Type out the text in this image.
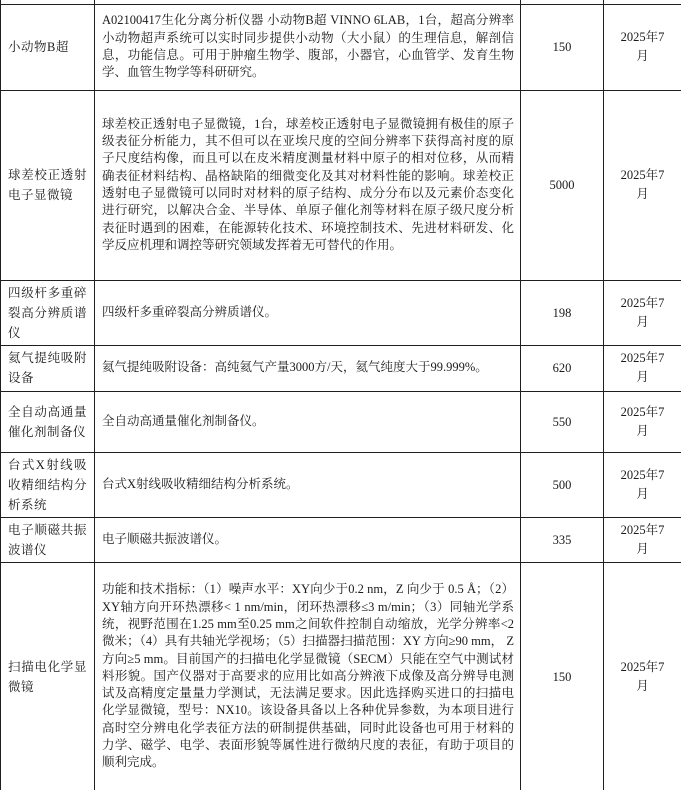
小动物B超	A02100417生化分离分析仪器 小动物B超 VINNO 6LAB，1台，超高分辨率小动物超声系统可以实时同步提供小动物（大小鼠）的生理信息，解剖信息，功能信息。可用于肿瘤生物学、腹部，小器官，心血管学、发育生物学、血管生物学等科研研究。	150	2025年7月
球差校正透射电子显微镜	球差校正透射电子显微镜，1台，球差校正透射电子显微镜拥有极佳的原子级表征分析能力，其不但可以在亚埃尺度的空间分辨率下获得高衬度的原子尺度结构像，而且可以在皮米精度测量材料中原子的相对位移，从而精确表征材料结构、晶格缺陷的细微变化及其对材料性能的影响。球差校正透射电子显微镜可以同时对材料的原子结构、成分分布以及元素价态变化进行研究，以解决合金、半导体、单原子催化剂等材料在原子级尺度分析表征时遇到的困难，在能源转化技术、环境控制技术、先进材料研发、化学反应机理和调控等研究领域发挥着无可替代的作用。	5000	2025年7月
四级杆多重碎裂高分辨质谱仪	四级杆多重碎裂高分辨质谱仪。	198	2025年7月
氦气提纯吸附设备	氦气提纯吸附设备：高纯氦气产量3000方/天，氦气纯度大于99.999%。	620	2025年7月
全自动高通量催化剂制备仪	全自动高通量催化剂制备仪。	550	2025年7月
台式X射线吸收精细结构分析系统	台式X射线吸收精细结构分析系统。	500	2025年7月
电子顺磁共振波谱仪	电子顺磁共振波谱仪。	335	2025年7月
扫描电化学显微镜	功能和技术指标：（1）噪声水平：XY向少于0.2 nm，Z 向少于 0.5 Å；（2）XY轴方向开环热漂移< 1 nm/min，闭环热漂移≤3 m/min；（3）同轴光学系统，视野范围在1.25 mm至0.25 mm之间软件控制自动缩放，光学分辨率<2 微米；（4）具有共轴光学视场；（5）扫描器扫描范围：XY 方向≥90 mm， Z方向≥5 mm。目前国产的扫描电化学显微镜（SECM）只能在空气中测试材料形貌。国产仪器对于高要求的应用比如高分辨液下成像及高分辨导电测试及高精度定量量力学测试，无法满足要求。因此选择购买进口的扫描电化学显微镜，型号：NX10。该设备具备以上各种优异参数，为本项目进行高时空分辨电化学表征方法的研制提供基础，同时此设备也可用于材料的力学、磁学、电学、表面形貌等属性进行微纳尺度的表征，有助于项目的顺利完成。	150	2025年7月
